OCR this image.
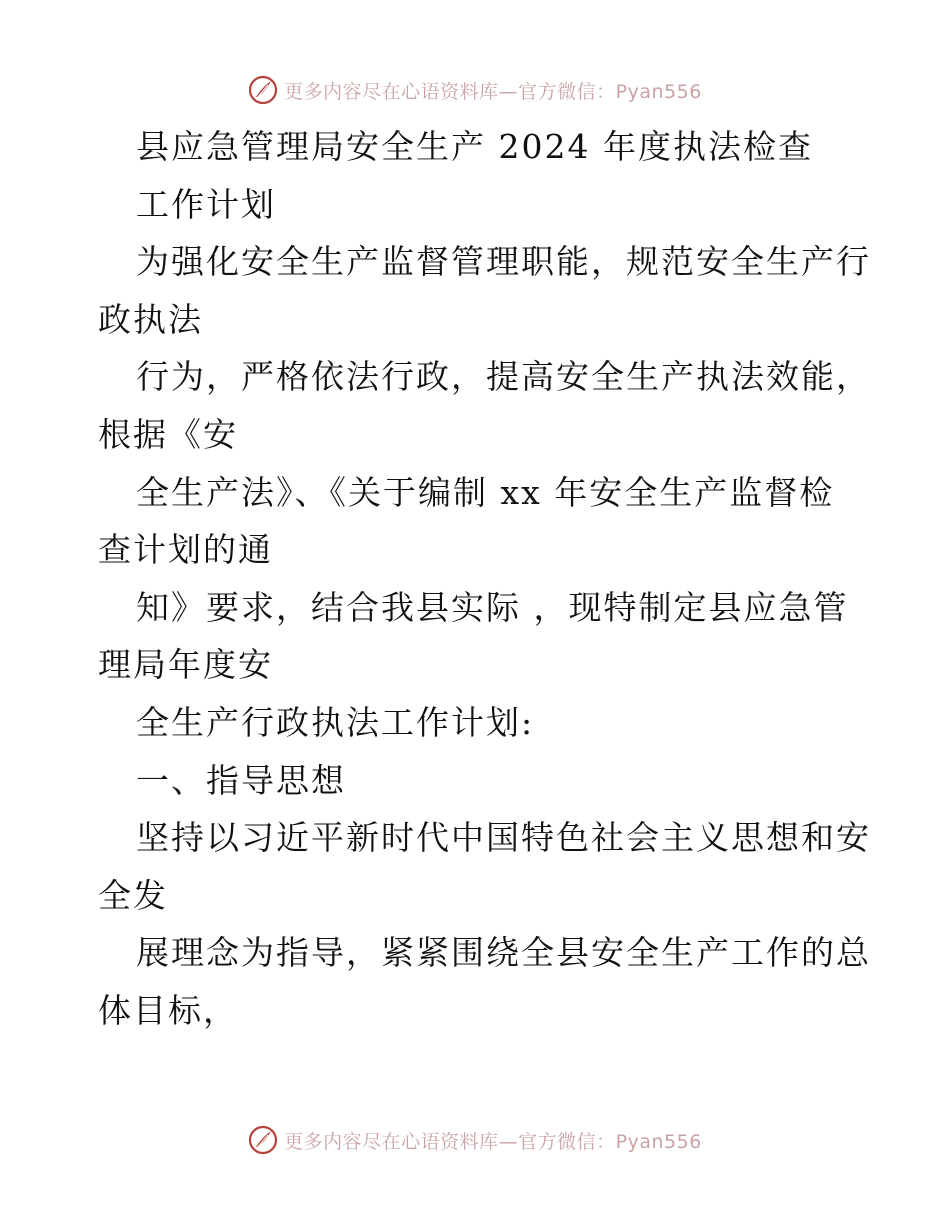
更多内容尽在心语资料库—官方微信：Pyan556
县应急管理局安全生产 2024 年度执法检查
工作计划
为强化安全生产监督管理职能，规范安全生产行
政执法
行为，严格依法行政，提高安全生产执法效能，
根据《安
全生产法》、《关于编制 xx 年安全生产监督检
查计划的通
知》要求，结合我县实际 ，现特制定县应急管
理局年度安
全生产行政执法工作计划:
一、指导思想
坚持以习近平新时代中国特色社会主义思想和安
全发
展理念为指导，紧紧围绕全县安全生产工作的总
体目标，
更多内容尽在心语资料库—官方微信：Pyan556
